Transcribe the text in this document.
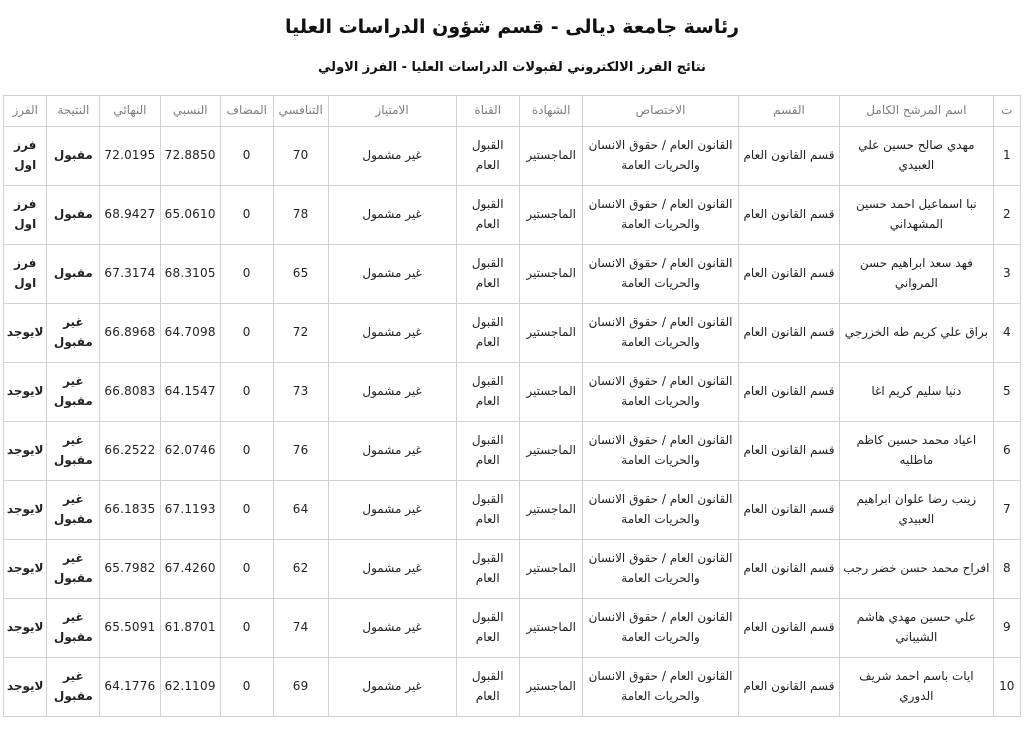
رئاسة جامعة ديالى - قسم شؤون الدراسات العليا
نتائج الفرز الالكتروني لقبولات الدراسات العليا - الفرز الاولي
ت	اسم المرشح الكامل	القسم	الاختصاص	الشهادة	القناة	الامتياز	التنافسي	المضاف	النسبي	النهائي	النتيجة	الفرز
1	مهدي صالح حسين علي العبيدي	قسم القانون العام	القانون العام / حقوق الانسان والحريات العامة	الماجستير	القبول العام	غير مشمول	70	0	72.8850	72.0195	مقبول	فرز اول
2	نبا اسماعيل احمد حسين المشهداني	قسم القانون العام	القانون العام / حقوق الانسان والحريات العامة	الماجستير	القبول العام	غير مشمول	78	0	65.0610	68.9427	مقبول	فرز اول
3	فهد سعد ابراهيم حسن المرواني	قسم القانون العام	القانون العام / حقوق الانسان والحريات العامة	الماجستير	القبول العام	غير مشمول	65	0	68.3105	67.3174	مقبول	فرز اول
4	براق علي كريم طه الخزرجي	قسم القانون العام	القانون العام / حقوق الانسان والحريات العامة	الماجستير	القبول العام	غير مشمول	72	0	64.7098	66.8968	غير مقبول	لايوجد
5	دنيا سليم كريم اغا	قسم القانون العام	القانون العام / حقوق الانسان والحريات العامة	الماجستير	القبول العام	غير مشمول	73	0	64.1547	66.8083	غير مقبول	لايوجد
6	اعياد محمد حسين كاظم ماطليه	قسم القانون العام	القانون العام / حقوق الانسان والحريات العامة	الماجستير	القبول العام	غير مشمول	76	0	62.0746	66.2522	غير مقبول	لايوجد
7	زينب رضا علوان ابراهيم العبيدي	قسم القانون العام	القانون العام / حقوق الانسان والحريات العامة	الماجستير	القبول العام	غير مشمول	64	0	67.1193	66.1835	غير مقبول	لايوجد
8	افراح محمد حسن خضر رجب	قسم القانون العام	القانون العام / حقوق الانسان والحريات العامة	الماجستير	القبول العام	غير مشمول	62	0	67.4260	65.7982	غير مقبول	لايوجد
9	علي حسين مهدي هاشم الشيباني	قسم القانون العام	القانون العام / حقوق الانسان والحريات العامة	الماجستير	القبول العام	غير مشمول	74	0	61.8701	65.5091	غير مقبول	لايوجد
10	ايات باسم احمد شريف الدوري	قسم القانون العام	القانون العام / حقوق الانسان والحريات العامة	الماجستير	القبول العام	غير مشمول	69	0	62.1109	64.1776	غير مقبول	لايوجد
